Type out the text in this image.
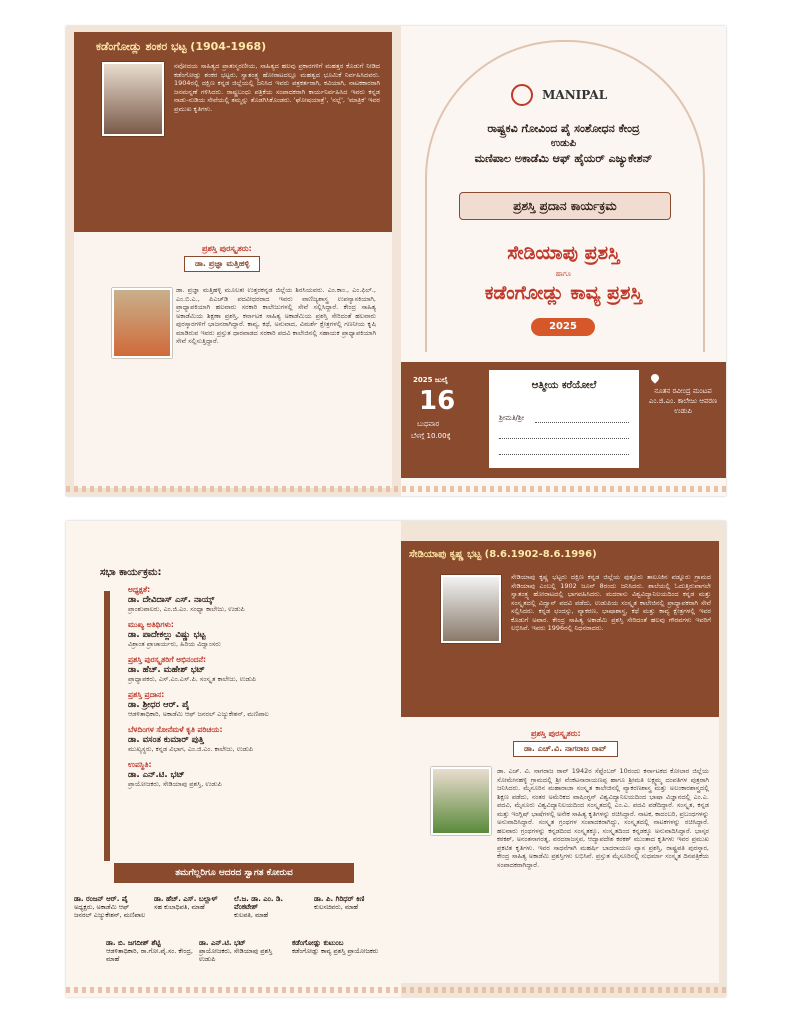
ಕಡೆಂಗೋಡ್ಲು ಶಂಕರ ಭಟ್ಟ (1904-1968)
ನವೋದಯ ಸಾಹಿತ್ಯದ ಪ್ರಾತಃಸ್ಮರಣೀಯ, ಸಾಹಿತ್ಯದ ಹಲವು ಪ್ರಕಾರಗಳಿಗೆ ಮಹತ್ತರ ಕೊಡುಗೆ ನೀಡಿದ ಕಡೆಂಗೋಡ್ಲು ಶಂಕರ ಭಟ್ಟರು, ಸ್ವಾತಂತ್ರ್ಯ ಹೋರಾಟದಲ್ಲೂ ಮಹತ್ವದ ಭೂಮಿಕೆ ನಿರ್ವಹಿಸಿದವರು. 1904ರಲ್ಲಿ ದಕ್ಷಿಣ ಕನ್ನಡ ಜಿಲ್ಲೆಯಲ್ಲಿ ಜನಿಸಿದ ಇವರು ಪತ್ರಕರ್ತರಾಗಿ, ಕವಿಯಾಗಿ, ನಾಟಕಕಾರರಾಗಿ ಜನಮನ್ನಣೆ ಗಳಿಸಿದರು. ರಾಷ್ಟ್ರಬಂಧು ಪತ್ರಿಕೆಯ ಸಂಪಾದಕರಾಗಿ ಕಾರ್ಯನಿರ್ವಹಿಸಿದ ಇವರು ಕನ್ನಡ ನಾಡು-ನುಡಿಯ ಸೇವೆಯಲ್ಲಿ ತಮ್ಮನ್ನು ತೊಡಗಿಸಿಕೊಂಡರು. 'ಘೋಷಯಾತ್ರೆ', 'ನಲ್ಲೆ', 'ಮಾತ್ರಿಕ' ಇವರ ಪ್ರಮುಖ ಕೃತಿಗಳು.
ಪ್ರಶಸ್ತಿ ಪುರಸ್ಕೃತರು:
ಡಾ. ಪ್ರಜ್ಞಾ ಮತ್ತಿಹಳ್ಳಿ
ಡಾ. ಪ್ರಜ್ಞಾ ಮತ್ತಿಹಳ್ಳಿ ಮೂಲತಃ ಉತ್ತರಕನ್ನಡ ಜಿಲ್ಲೆಯ ಶಿರಸಿಯವರು. ಎಂ.ಕಾಂ., ಎಂ.ಫಿಲ್., ಎಂ.ಬಿ.ಎ., ಪಿಎಚ್‌ಡಿ ಪದವೀಧರರಾದ ಇವರು ವಾಣಿಜ್ಯಶಾಸ್ತ್ರ ಉಪನ್ಯಾಸಕಿಯಾಗಿ, ಪ್ರಾಧ್ಯಾಪಕಿಯಾಗಿ ಹಲವಾರು ಸರಕಾರಿ ಕಾಲೇಜುಗಳಲ್ಲಿ ಸೇವೆ ಸಲ್ಲಿಸಿದ್ದಾರೆ. ಕೇಂದ್ರ ಸಾಹಿತ್ಯ ಅಕಾಡೆಮಿಯ ಶಿಕ್ಷಣಾ ಪ್ರಶಸ್ತಿ, ಕರ್ನಾಟಕ ಸಾಹಿತ್ಯ ಅಕಾಡೆಮಿಯ ಪ್ರಶಸ್ತಿ ಸೇರಿದಂತೆ ಹಲವಾರು ಪುರಸ್ಕಾರಗಳಿಗೆ ಭಾಜನರಾಗಿದ್ದಾರೆ. ಕಾವ್ಯ, ಕಥೆ, ಅನುವಾದ, ವಿಮರ್ಶೆ ಕ್ಷೇತ್ರಗಳಲ್ಲಿ ಗಣನೀಯ ಕೃಷಿ ಮಾಡಿರುವ ಇವರು ಪ್ರಸ್ತುತ ಧಾರವಾಡದ ಸರಕಾರಿ ಪದವಿ ಕಾಲೇಜಿನಲ್ಲಿ ಸಹಾಯಕ ಪ್ರಾಧ್ಯಾಪಕಿಯಾಗಿ ಸೇವೆ ಸಲ್ಲಿಸುತ್ತಿದ್ದಾರೆ.
MANIPAL
ರಾಷ್ಟ್ರಕವಿ ಗೋವಿಂದ ಪೈ ಸಂಶೋಧನ ಕೇಂದ್ರ
ಉಡುಪಿ
ಮಣಿಪಾಲ ಅಕಾಡೆಮಿ ಆಫ್ ಹೈಯರ್ ಎಜ್ಯುಕೇಶನ್
ಪ್ರಶಸ್ತಿ ಪ್ರದಾನ ಕಾರ್ಯಕ್ರಮ
ಸೇಡಿಯಾಪು ಪ್ರಶಸ್ತಿ
ಹಾಗೂ
ಕಡೆಂಗೋಡ್ಲು ಕಾವ್ಯ ಪ್ರಶಸ್ತಿ
2025
2025 ಜುಲೈ
16
ಬುಧವಾರ
ಬೆಳಗ್ಗೆ 10.00ಕ್ಕೆ
ಆತ್ಮೀಯ ಕರೆಯೋಲೆ
ಶ್ರೀಮತಿ/ಶ್ರೀ
ನೂತನ ರವೀಂದ್ರ ಮಂಟಪ ಎಂ.ಜಿ.ಎಂ. ಕಾಲೇಜು ಆವರಣ ಉಡುಪಿ
ಸಭಾ ಕಾರ್ಯಕ್ರಮ:
ಅಧ್ಯಕ್ಷತೆ:
ಡಾ. ದೇವಿದಾಸ್ ಎಸ್. ನಾಯ್ಕ್
ಪ್ರಾಂಶುಪಾಲರು, ಎಂ.ಜಿ.ಎಂ. ಸಂಧ್ಯಾ ಕಾಲೇಜು, ಉಡುಪಿ
ಮುಖ್ಯ ಅತಿಥಿಗಳು:
ಡಾ. ಪಾದೇಕಲ್ಲು ವಿಷ್ಣು ಭಟ್ಟ
ವಿಶ್ರಾಂತ ಪ್ರಾಚಾರ್ಯರು, ಹಿರಿಯ ವಿದ್ವಾಂಸರು
ಪ್ರಶಸ್ತಿ ಪುರಸ್ಕೃತರಿಗೆ ಅಭಿನಂದನೆ:
ಡಾ. ಹೆಚ್. ಮಹೇಶ್ ಭಟ್
ಪ್ರಾಧ್ಯಾಪಕರು, ಎಸ್.ಎಂ.ಎಸ್.ಪಿ. ಸಂಸ್ಕೃತ ಕಾಲೇಜು, ಉಡುಪಿ
ಪ್ರಶಸ್ತಿ ಪ್ರದಾನ:
ಡಾ. ಶ್ರೀಧರ ಆರ್. ಪೈ
ಆಡಳಿತಾಧಿಕಾರಿ, ಅಕಾಡೆಮಿ ಆಫ್ ಜನರಲ್ ಎಜ್ಯುಕೇಶನ್, ಮಣಿಪಾಲ
ಬೆಳದಿಂಗಳ ಸೋನೆಮಳೆ ಕೃತಿ ಪರಿಚಯ:
ಡಾ. ವಸಂತ ಕುಮಾರ್ ಪುತ್ತಿ
ಮುಖ್ಯಸ್ಥರು, ಕನ್ನಡ ವಿಭಾಗ, ಎಂ.ಜಿ.ಎಂ. ಕಾಲೇಜು, ಉಡುಪಿ
ಉಪಸ್ಥಿತಿ:
ಡಾ. ಎನ್.ಟಿ. ಭಟ್
ಪ್ರಾಯೋಜಕರು, ಸೇಡಿಯಾಪು ಪ್ರಶಸ್ತಿ, ಉಡುಪಿ
ತಮಗೆಲ್ಲರಿಗೂ ಆದರದ ಸ್ವಾಗತ ಕೋರುವ
ಡಾ. ರಂಜನ್ ಆರ್. ಪೈ
ಅಧ್ಯಕ್ಷರು, ಅಕಾಡೆಮಿ ಆಫ್ ಜನರಲ್ ಎಜ್ಯುಕೇಶನ್, ಮಣಿಪಾಲ
ಡಾ. ಹೆಚ್. ಎಸ್. ಬಲ್ಲಾಳ್
ಸಹ ಕುಲಾಧಿಪತಿ, ಮಾಹೆ
ಲೆ.ಜ. ಡಾ. ಎಂ. ಡಿ. ವೆಂಕಟೇಶ್
ಕುಲಪತಿ, ಮಾಹೆ
ಡಾ. ಪಿ. ಗಿರಿಧರ್ ಕಿಣಿ
ಕುಲಸಚಿವರು, ಮಾಹೆ
ಡಾ. ಬಿ. ಜಗದೀಶ್ ಶೆಟ್ಟಿ
ಆಡಳಿತಾಧಿಕಾರಿ, ರಾ.ಗೋ.ಪೈ.ಸಂ. ಕೇಂದ್ರ, ಮಾಹೆ
ಡಾ. ಎನ್.ಟಿ. ಭಟ್
ಪ್ರಾಯೋಜಕರು, ಸೇಡಿಯಾಪು ಪ್ರಶಸ್ತಿ ಉಡುಪಿ
ಕಡೆಂಗೋಡ್ಲು ಕುಟುಂಬ
ಕಡೆಂಗೋಡ್ಲು ಕಾವ್ಯ ಪ್ರಶಸ್ತಿ ಪ್ರಾಯೋಜಕರು
ಸೇಡಿಯಾಪು ಕೃಷ್ಣ ಭಟ್ಟ (8.6.1902-8.6.1996)
ಸೇಡಿಯಾಪು ಕೃಷ್ಣ ಭಟ್ಟರು ದಕ್ಷಿಣ ಕನ್ನಡ ಜಿಲ್ಲೆಯ ಪುತ್ತೂರು ತಾಲೂಕಿನ ಪಡ್ನೂರು ಗ್ರಾಮದ ಸೇಡಿಯಾಪು ಎಂಬಲ್ಲಿ 1902 ಜೂನ್ 8ರಂದು ಜನಿಸಿದರು. ಶಾಲೆಯಲ್ಲಿ ಓದುತ್ತಿರುವಾಗಲೇ ಸ್ವಾತಂತ್ರ್ಯ ಹೋರಾಟದಲ್ಲಿ ಭಾಗವಹಿಸಿದರು. ಮದರಾಸು ವಿಶ್ವವಿದ್ಯಾನಿಲಯದಿಂದ ಕನ್ನಡ ಮತ್ತು ಸಂಸ್ಕೃತದಲ್ಲಿ ವಿದ್ವಾನ್ ಪದವಿ ಪಡೆದು, ಉಡುಪಿಯ ಸಂಸ್ಕೃತ ಕಾಲೇಜಿನಲ್ಲಿ ಪ್ರಾಧ್ಯಾಪಕರಾಗಿ ಸೇವೆ ಸಲ್ಲಿಸಿದರು. ಕನ್ನಡ ಛಂದಸ್ಸು, ವ್ಯಾಕರಣ, ಭಾಷಾಶಾಸ್ತ್ರ, ಕಥೆ ಮತ್ತು ಕಾವ್ಯ ಕ್ಷೇತ್ರಗಳಲ್ಲಿ ಇವರ ಕೊಡುಗೆ ಅಪಾರ. ಕೇಂದ್ರ ಸಾಹಿತ್ಯ ಅಕಾಡೆಮಿ ಪ್ರಶಸ್ತಿ ಸೇರಿದಂತೆ ಹಲವು ಗೌರವಗಳು ಇವರಿಗೆ ಲಭಿಸಿವೆ. ಇವರು 1996ರಲ್ಲಿ ನಿಧನರಾದರು.
ಪ್ರಶಸ್ತಿ ಪುರಸ್ಕೃತರು:
ಡಾ. ಎಚ್.ವಿ. ನಾಗರಾಜ ರಾವ್
ಡಾ. ಎಚ್. ವಿ. ನಾಗರಾಜ ರಾವ್ 1942ರ ಸೆಪ್ಟೆಂಬರ್ 10ರಂದು ಕರ್ನಾಟಕದ ಕೋಲಾರ ಜಿಲ್ಲೆಯ ಸೋಮೇನಹಳ್ಳಿ ಗ್ರಾಮದಲ್ಲಿ ಶ್ರೀ ವೆಂಕಟನಾರಾಯಣಪ್ಪ ಹಾಗೂ ಶ್ರೀಮತಿ ಲಕ್ಷ್ಮಮ್ಮ ದಂಪತಿಗಳ ಪುತ್ರರಾಗಿ ಜನಿಸಿದರು. ಮೈಸೂರಿನ ಮಹಾರಾಜಾ ಸಂಸ್ಕೃತ ಕಾಲೇಜಿನಲ್ಲಿ ವ್ಯಾಕರಣಶಾಸ್ತ್ರ ಮತ್ತು ಅಲಂಕಾರಶಾಸ್ತ್ರದಲ್ಲಿ ಶಿಕ್ಷಣ ಪಡೆದು, ನಂತರ ಅಮೆರಿಕದ ವಾಷಿಂಗ್ಟನ್ ವಿಶ್ವವಿದ್ಯಾನಿಲಯದಿಂದ ಭಾಷಾ ವಿಜ್ಞಾನದಲ್ಲಿ ಎಂ.ಎ. ಪದವಿ, ಮೈಸೂರು ವಿಶ್ವವಿದ್ಯಾನಿಲಯದಿಂದ ಸಂಸ್ಕೃತದಲ್ಲಿ ಎಂ.ಎ. ಪದವಿ ಪಡೆದಿದ್ದಾರೆ. ಸಂಸ್ಕೃತ, ಕನ್ನಡ ಮತ್ತು ಇಂಗ್ಲಿಷ್ ಭಾಷೆಗಳಲ್ಲಿ ಅನೇಕ ಸಾಹಿತ್ಯ ಕೃತಿಗಳನ್ನು ರಚಿಸಿದ್ದಾರೆ. ನಾಟಕ, ಕಾದಂಬರಿ, ಪ್ರಬಂಧಗಳನ್ನು ಅನುವಾದಿಸಿದ್ದಾರೆ. ಸಂಸ್ಕೃತ ಗ್ರಂಥಗಳ ಸಂಪಾದಕರಾಗಿದ್ದು, ಸಂಸ್ಕೃತದಲ್ಲಿ ನಾಟಕಗಳನ್ನು ರಚಿಸಿದ್ದಾರೆ. ಹಲವಾರು ಗ್ರಂಥಗಳನ್ನು ಕನ್ನಡದಿಂದ ಸಂಸ್ಕೃತಕ್ಕೂ, ಸಂಸ್ಕೃತದಿಂದ ಕನ್ನಡಕ್ಕೂ ಅನುವಾದಿಸಿದ್ದಾರೆ. ಭಾಸ್ಕರ ಕಠಕಶ್, ಅನಂತನಾಗರತ್ನ, ವರದರಾಜಸ್ತವ, ಆದ್ಯಾಪದೇಶ ಕಠಕಶ್ ಮುಂತಾದ ಕೃತಿಗಳು ಇವರ ಪ್ರಮುಖ ಪ್ರಕಟಿತ ಕೃತಿಗಳು. ಇವರ ಸಾಧನೆಗಾಗಿ ಮಹರ್ಷಿ ಬಾದರಾಯಣ ವ್ಯಾಸ ಪ್ರಶಸ್ತಿ, ರಾಷ್ಟ್ರಪತಿ ಪುರಸ್ಕಾರ, ಕೇಂದ್ರ ಸಾಹಿತ್ಯ ಅಕಾಡೆಮಿ ಪ್ರಶಸ್ತಿಗಳು ಲಭಿಸಿವೆ. ಪ್ರಸ್ತುತ ಮೈಸೂರಿನಲ್ಲಿ ಸುಧರ್ಮಾ ಸಂಸ್ಕೃತ ದಿನಪತ್ರಿಕೆಯ ಸಂಪಾದಕರಾಗಿದ್ದಾರೆ.
